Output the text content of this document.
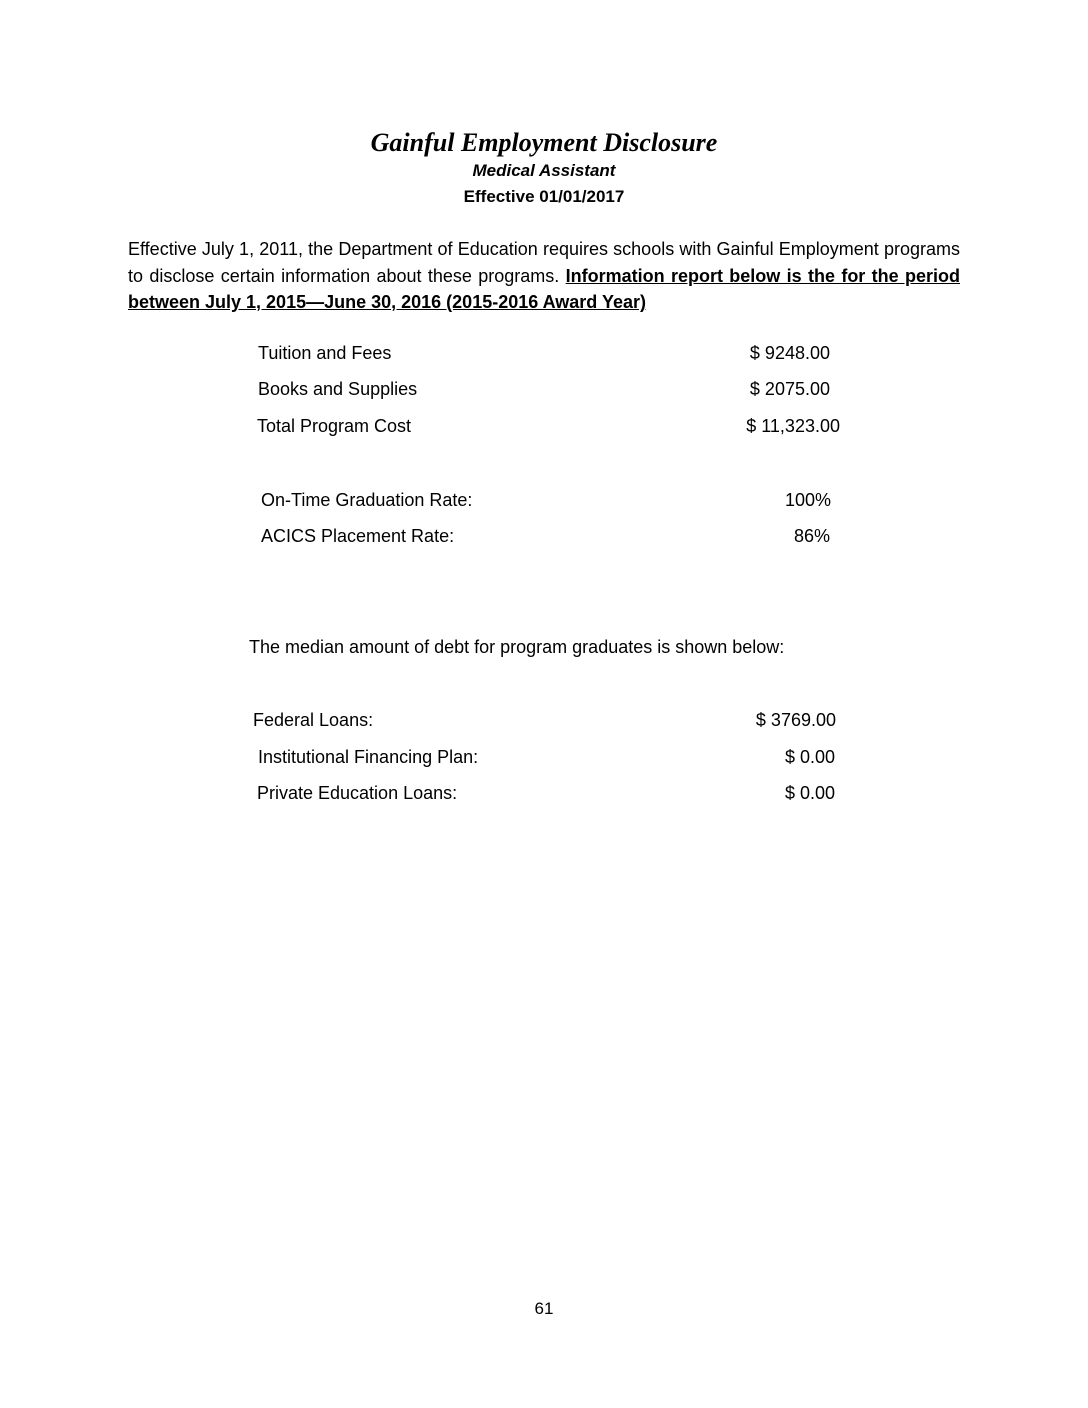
Gainful Employment Disclosure
Medical Assistant
Effective 01/01/2017
Effective July 1, 2011, the Department of Education requires schools with Gainful Employment programs to disclose certain information about these programs. Information report below is the for the period between July 1, 2015—June 30, 2016 (2015-2016 Award Year)
Tuition and Fees	$ 9248.00
Books and Supplies	$ 2075.00
Total Program Cost	$ 11,323.00
On-Time Graduation Rate:	100%
ACICS Placement Rate:	86%
The median amount of debt for program graduates is shown below:
Federal Loans:	$ 3769.00
Institutional Financing Plan:	$ 0.00
Private Education Loans:	$ 0.00
61
